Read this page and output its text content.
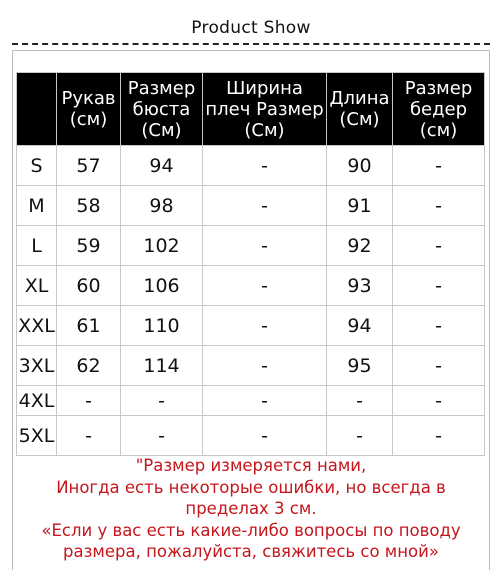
Product Show
	Рукав (см)	Размер бюста (См)	Ширина плеч Размер (См)	Длина (См)	Размер бедер (см)
S	57	94	-	90	-
M	58	98	-	91	-
L	59	102	-	92	-
XL	60	106	-	93	-
XXL	61	110	-	94	-
3XL	62	114	-	95	-
4XL	-	-	-	-	-
5XL	-	-	-	-	-
"Размер измеряется нами,
Иногда есть некоторые ошибки, но всегда в
пределах 3 см.
«Если у вас есть какие-либо вопросы по поводу
размера, пожалуйста, свяжитесь со мной»
